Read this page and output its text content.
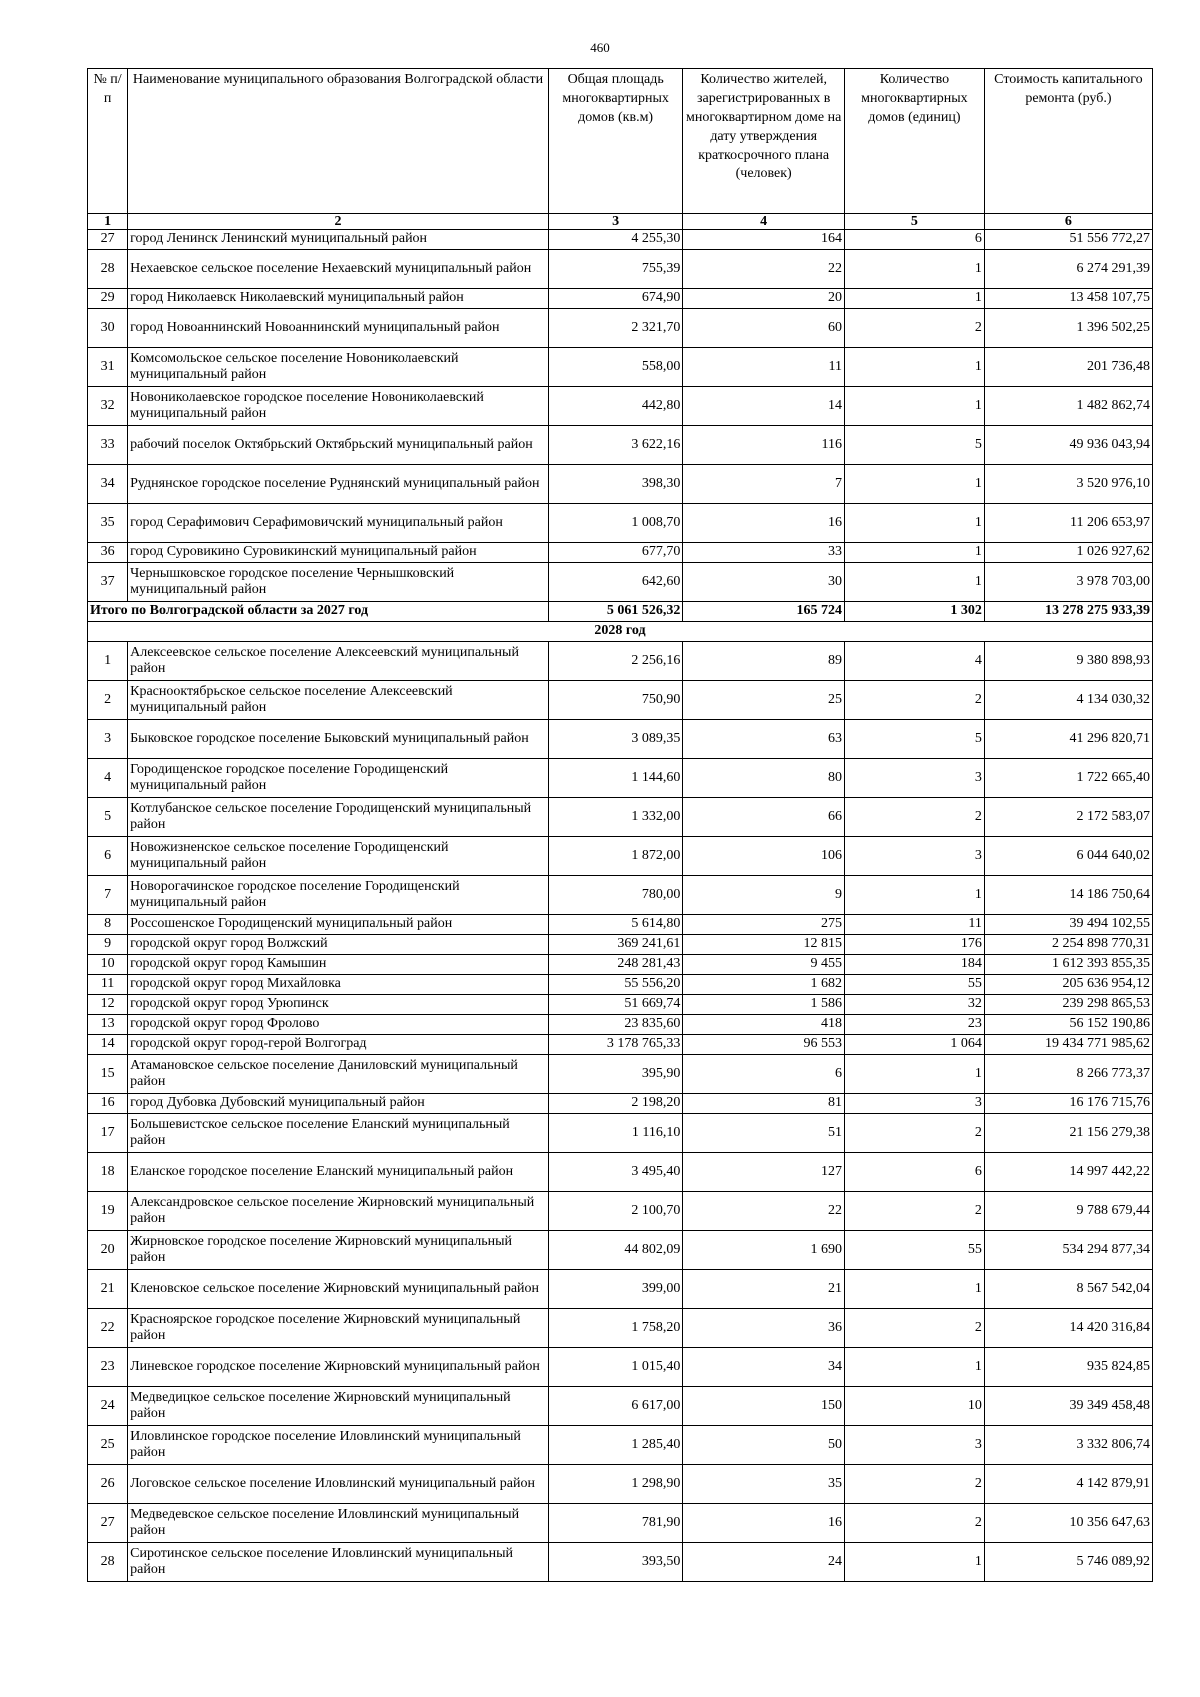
460
№ п/п	Наименование муниципального образования Волгоградской области	Общая площадь многоквартирных домов (кв.м)	Количество жителей, зарегистрированных в многоквартирном доме на дату утверждения краткосрочного плана (человек)	Количество многоквартирных домов (единиц)	Стоимость капитального ремонта (руб.)
1	2	3	4	5	6
27	город Ленинск Ленинский муниципальный район	4 255,30	164	6	51 556 772,27
28	Нехаевское сельское поселение Нехаевский муниципальный район	755,39	22	1	6 274 291,39
29	город Николаевск Николаевский муниципальный район	674,90	20	1	13 458 107,75
30	город Новоаннинский Новоаннинский муниципальный район	2 321,70	60	2	1 396 502,25
31	Комсомольское сельское поселение Новониколаевский муниципальный район	558,00	11	1	201 736,48
32	Новониколаевское городское поселение Новониколаевский муниципальный район	442,80	14	1	1 482 862,74
33	рабочий поселок Октябрьский Октябрьский муниципальный район	3 622,16	116	5	49 936 043,94
34	Руднянское городское поселение Руднянский муниципальный район	398,30	7	1	3 520 976,10
35	город Серафимович Серафимовичский муниципальный район	1 008,70	16	1	11 206 653,97
36	город Суровикино Суровикинский муниципальный район	677,70	33	1	1 026 927,62
37	Чернышковское городское поселение Чернышковский муниципальный район	642,60	30	1	3 978 703,00
Итого по Волгоградской области за 2027 год		5 061 526,32	165 724	1 302	13 278 275 933,39
2028 год					
1	Алексеевское сельское поселение Алексеевский муниципальный район	2 256,16	89	4	9 380 898,93
2	Краснооктябрьское сельское поселение Алексеевский муниципальный район	750,90	25	2	4 134 030,32
3	Быковское городское поселение Быковский муниципальный район	3 089,35	63	5	41 296 820,71
4	Городищенское городское поселение Городищенский муниципальный район	1 144,60	80	3	1 722 665,40
5	Котлубанское сельское поселение Городищенский муниципальный район	1 332,00	66	2	2 172 583,07
6	Новожизненское сельское поселение Городищенский муниципальный район	1 872,00	106	3	6 044 640,02
7	Новорогачинское городское поселение Городищенский муниципальный район	780,00	9	1	14 186 750,64
8	Россошенское Городищенский муниципальный район	5 614,80	275	11	39 494 102,55
9	городской округ город Волжский	369 241,61	12 815	176	2 254 898 770,31
10	городской округ город Камышин	248 281,43	9 455	184	1 612 393 855,35
11	городской округ город Михайловка	55 556,20	1 682	55	205 636 954,12
12	городской округ город Урюпинск	51 669,74	1 586	32	239 298 865,53
13	городской округ город Фролово	23 835,60	418	23	56 152 190,86
14	городской округ город-герой Волгоград	3 178 765,33	96 553	1 064	19 434 771 985,62
15	Атамановское сельское поселение Даниловский муниципальный район	395,90	6	1	8 266 773,37
16	город Дубовка Дубовский муниципальный район	2 198,20	81	3	16 176 715,76
17	Большевистское сельское поселение Еланский муниципальный район	1 116,10	51	2	21 156 279,38
18	Еланское городское поселение Еланский муниципальный район	3 495,40	127	6	14 997 442,22
19	Александровское сельское поселение Жирновский муниципальный район	2 100,70	22	2	9 788 679,44
20	Жирновское городское поселение Жирновский муниципальный район	44 802,09	1 690	55	534 294 877,34
21	Кленовское сельское поселение Жирновский муниципальный район	399,00	21	1	8 567 542,04
22	Красноярское городское поселение Жирновский муниципальный район	1 758,20	36	2	14 420 316,84
23	Линевское городское поселение Жирновский муниципальный район	1 015,40	34	1	935 824,85
24	Медведицкое сельское поселение Жирновский муниципальный район	6 617,00	150	10	39 349 458,48
25	Иловлинское городское поселение Иловлинский муниципальный район	1 285,40	50	3	3 332 806,74
26	Логовское сельское поселение Иловлинский муниципальный район	1 298,90	35	2	4 142 879,91
27	Медведевское сельское поселение Иловлинский муниципальный район	781,90	16	2	10 356 647,63
28	Сиротинское сельское поселение Иловлинский муниципальный район	393,50	24	1	5 746 089,92
